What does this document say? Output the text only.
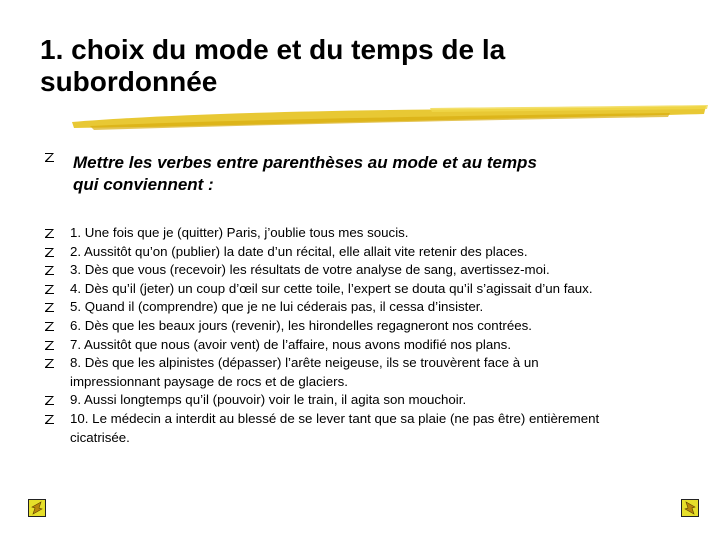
1. choix du mode et du temps de la
subordonnée
Mettre les verbes entre parenthèses au mode et au temps
qui conviennent :
1. Une fois que je (quitter) Paris, j’oublie tous mes soucis.
2. Aussitôt qu’on (publier) la date d’un récital, elle allait vite retenir des places.
3. Dès que vous (recevoir) les résultats de votre analyse de sang, avertissez-moi.
4. Dès qu’il (jeter) un coup d’œil sur cette toile, l’expert se douta qu’il s’agissait d’un faux.
5. Quand il (comprendre) que je ne lui céderais pas, il cessa d’insister.
6. Dès que les beaux jours (revenir), les hirondelles regagneront nos contrées.
7. Aussitôt que nous (avoir vent) de l’affaire, nous avons modifié nos plans.
8. Dès que les alpinistes (dépasser) l’arête neigeuse, ils se trouvèrent face à un
impressionnant paysage de rocs et de glaciers.
9. Aussi longtemps qu’il (pouvoir) voir le train, il agita son mouchoir.
10. Le médecin a interdit au blessé de se lever tant que sa plaie (ne pas être) entièrement
cicatrisée.
